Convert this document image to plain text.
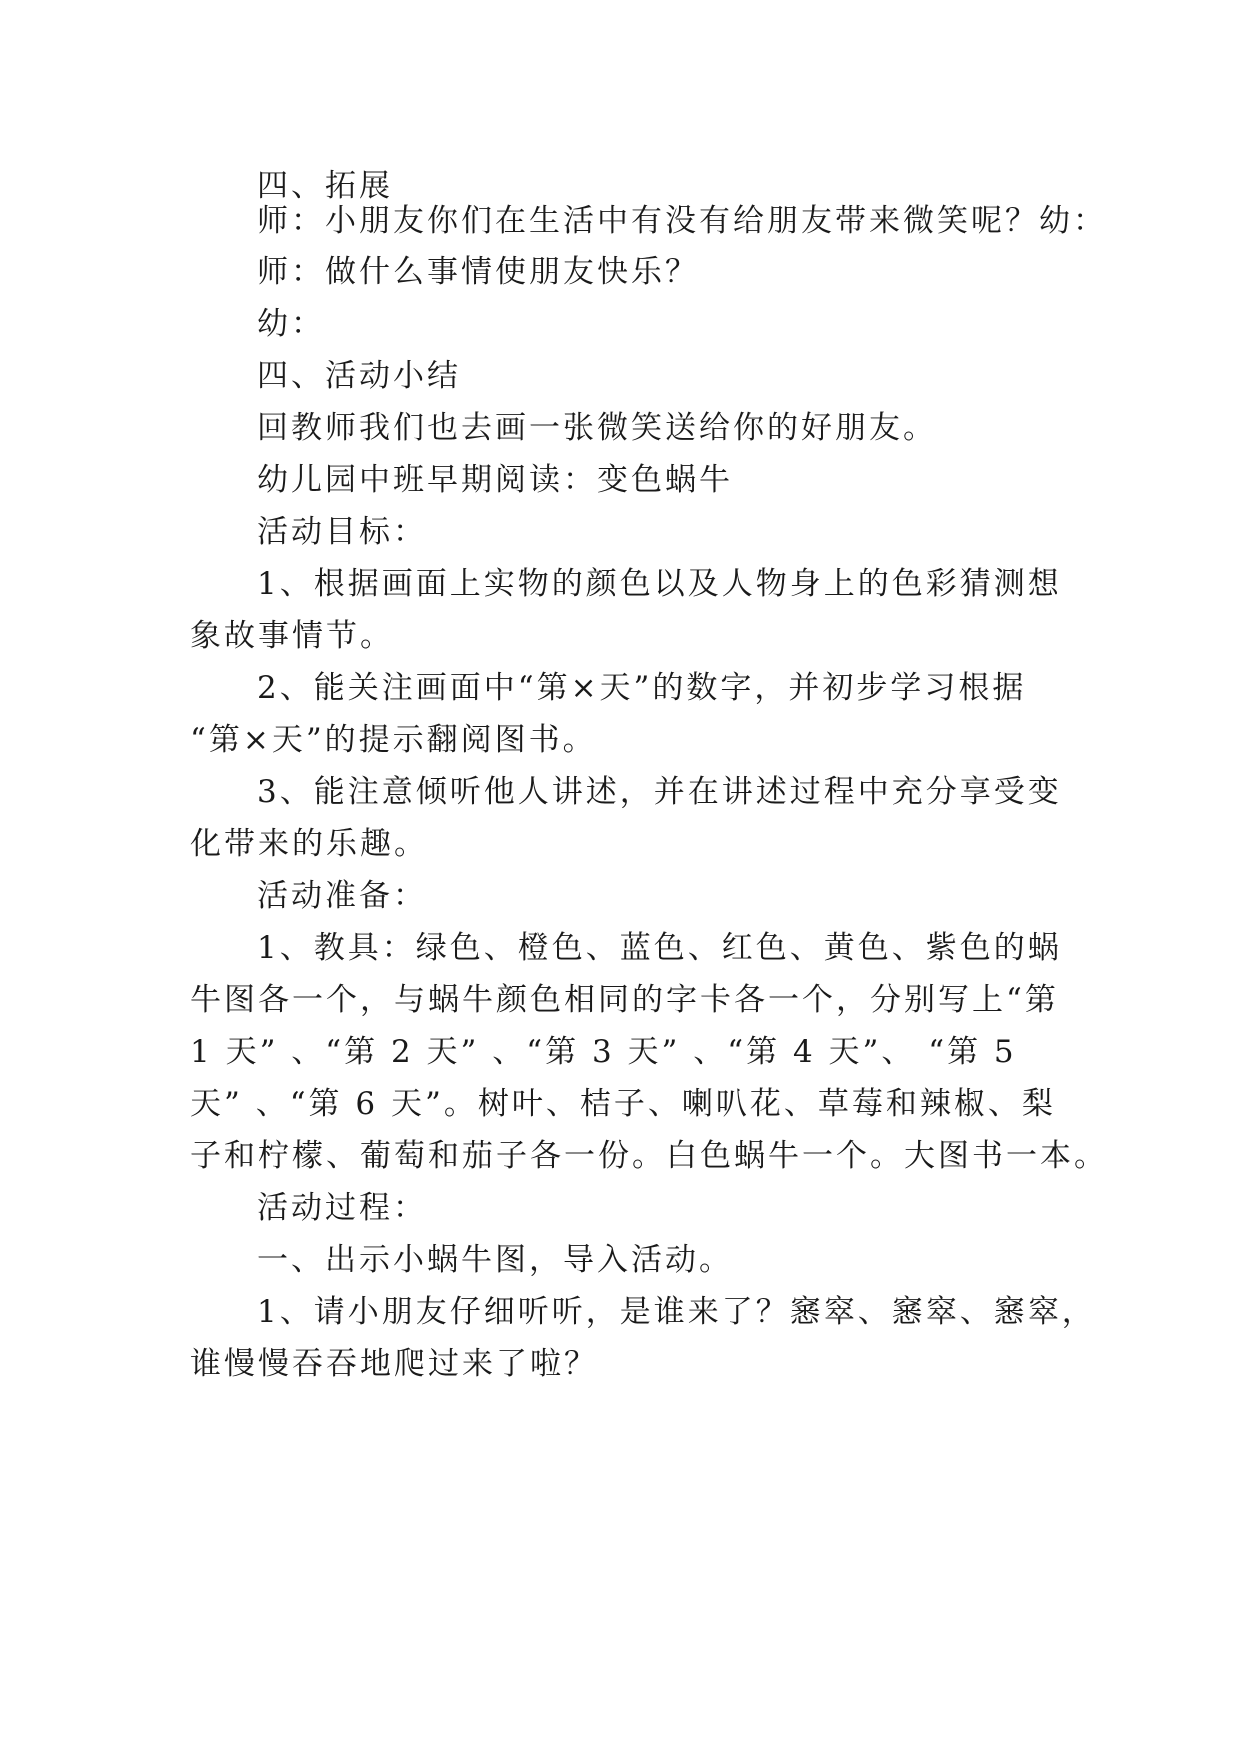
四、拓展
师：小朋友你们在生活中有没有给朋友带来微笑呢？幼：
师：做什么事情使朋友快乐？
幼：
四、活动小结
回教师我们也去画一张微笑送给你的好朋友。
幼儿园中班早期阅读：变色蜗牛
活动目标：
1、根据画面上实物的颜色以及人物身上的色彩猜测想
象故事情节。
2、能关注画面中“第×天”的数字，并初步学习根据
“第×天”的提示翻阅图书。
3、能注意倾听他人讲述，并在讲述过程中充分享受变
化带来的乐趣。
活动准备：
1、教具：绿色、橙色、蓝色、红色、黄色、紫色的蜗
牛图各一个，与蜗牛颜色相同的字卡各一个，分别写上“第
1 天” 、“第 2 天” 、“第 3 天” 、“第 4 天”、 “第 5
天” 、“第 6 天”。树叶、桔子、喇叭花、草莓和辣椒、梨
子和柠檬、葡萄和茄子各一份。白色蜗牛一个。大图书一本。
活动过程：
一、出示小蜗牛图，导入活动。
1、请小朋友仔细听听，是谁来了？窸窣、窸窣、窸窣，
谁慢慢吞吞地爬过来了啦？
